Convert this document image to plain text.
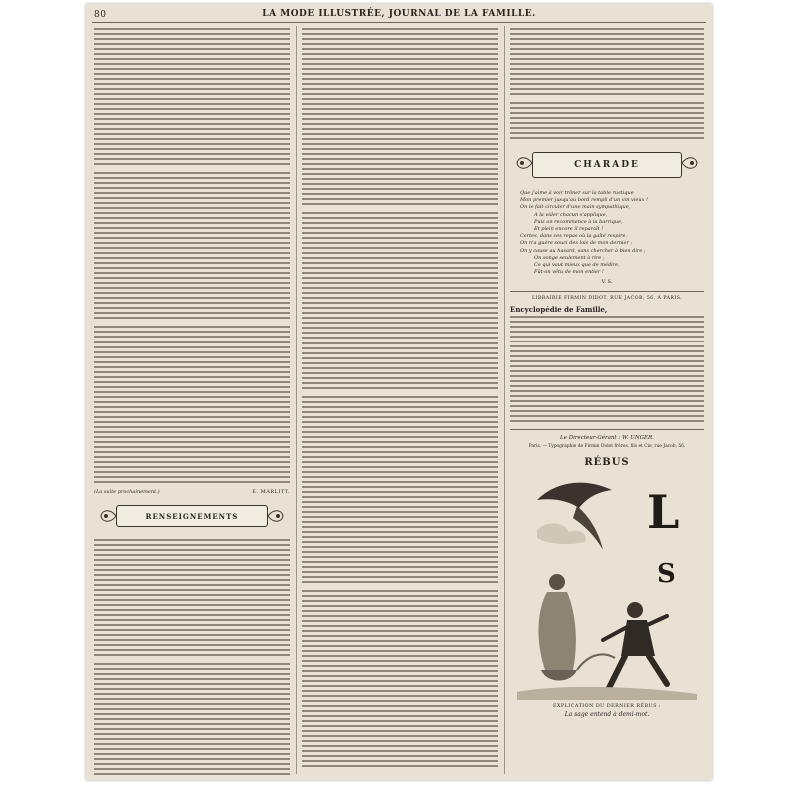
80	LA MODE ILLUSTRÉE, JOURNAL DE LA FAMILLE.

(La suite prochainement.)	E. MARLITT.
RENSEIGNEMENTS

CHARADE
Que j'aime à voir trôner sur la table rustique
Mon premier jusqu'au bord rempli d'un vin vieux !
On le fait circuler d'une main sympathique,
A la vider chacun s'applique,
Puis on recommence à la barrique,
Et plein encore il reparaît !
Certes, dans ces repas où la gaîté respire,
On n'a guère souci des lois de mon dernier ;
On y cause au hasard, sans chercher à bien dire ;
On songe seulement à rire ;
Ce qui vaut mieux que de médire,
Fût-on vêtu de mon entier !
V. S.
LIBRAIRIE FIRMIN DIDOT, RUE JACOB, 56, A PARIS.
Encyclopédie de Famille,

Le Directeur-Gérant : W. UNGER.
Paris. — Typographie de Firmin Didot frères, fils et Cie, rue Jacob, 56.
RÉBUS
L
S
EXPLICATION DU DERNIER RÉBUS :
La sage entend à demi-mot.
